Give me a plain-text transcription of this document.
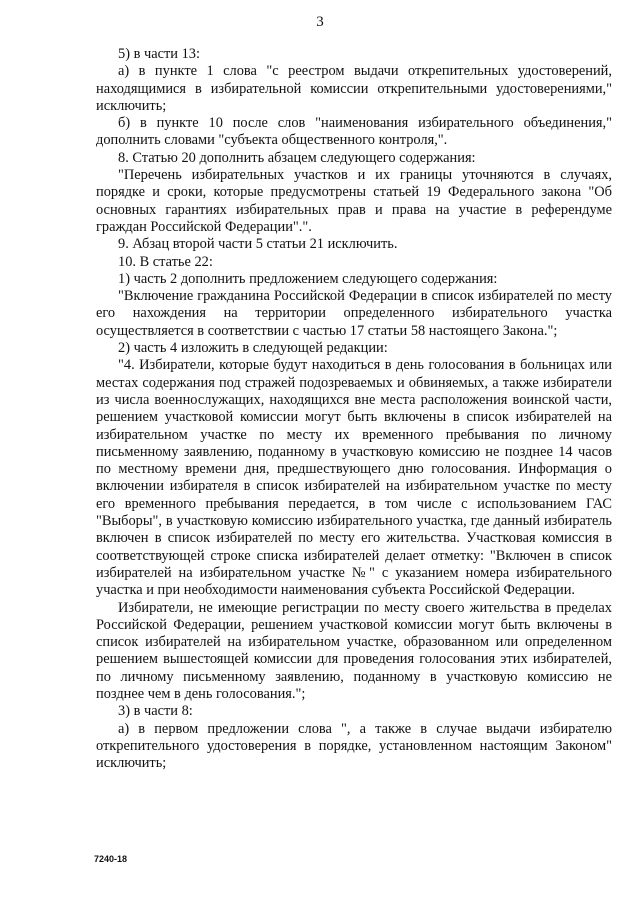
3

5) в части 13:

а) в пункте 1 слова "с реестром выдачи открепительных удостоверений, находящимися в избирательной комиссии открепительными удостоверениями," исключить;

б) в пункте 10 после слов "наименования избирательного объединения," дополнить словами "субъекта общественного контроля,".

8. Статью 20 дополнить абзацем следующего содержания:

"Перечень избирательных участков и их границы уточняются в случаях, порядке и сроки, которые предусмотрены статьей 19 Федерального закона "Об основных гарантиях избирательных прав и права на участие в референдуме граждан Российской Федерации".".

9. Абзац второй части 5 статьи 21 исключить.

10. В статье 22:

1) часть 2 дополнить предложением следующего содержания:

"Включение гражданина Российской Федерации в список избирателей по месту его нахождения на территории определенного избирательного участка осуществляется в соответствии с частью 17 статьи 58 настоящего Закона.";

2) часть 4 изложить в следующей редакции:

"4. Избиратели, которые будут находиться в день голосования в больницах или местах содержания под стражей подозреваемых и обвиняемых, а также избиратели из числа военнослужащих, находящихся вне места расположения воинской части, решением участковой комиссии могут быть включены в список избирателей на избирательном участке по месту их временного пребывания по личному письменному заявлению, поданному в участковую комиссию не позднее 14 часов по местному времени дня, предшествующего дню голосования. Информация о включении избирателя в список избирателей на избирательном участке по месту его временного пребывания передается, в том числе с использованием ГАС "Выборы", в участковую комиссию избирательного участка, где данный избиратель включен в список избирателей по месту его жительства. Участковая комиссия в соответствующей строке списка избирателей делает отметку: "Включен в список избирателей на избирательном участке №" с указанием номера избирательного участка и при необходимости наименования субъекта Российской Федерации.

Избиратели, не имеющие регистрации по месту своего жительства в пределах Российской Федерации, решением участковой комиссии могут быть включены в список избирателей на избирательном участке, образованном или определенном решением вышестоящей комиссии для проведения голосования этих избирателей, по личному письменному заявлению, поданному в участковую комиссию не позднее чем в день голосования.";

3) в части 8:

а) в первом предложении слова ", а также в случае выдачи избирателю открепительного удостоверения в порядке, установленном настоящим Законом" исключить;

7240-18
